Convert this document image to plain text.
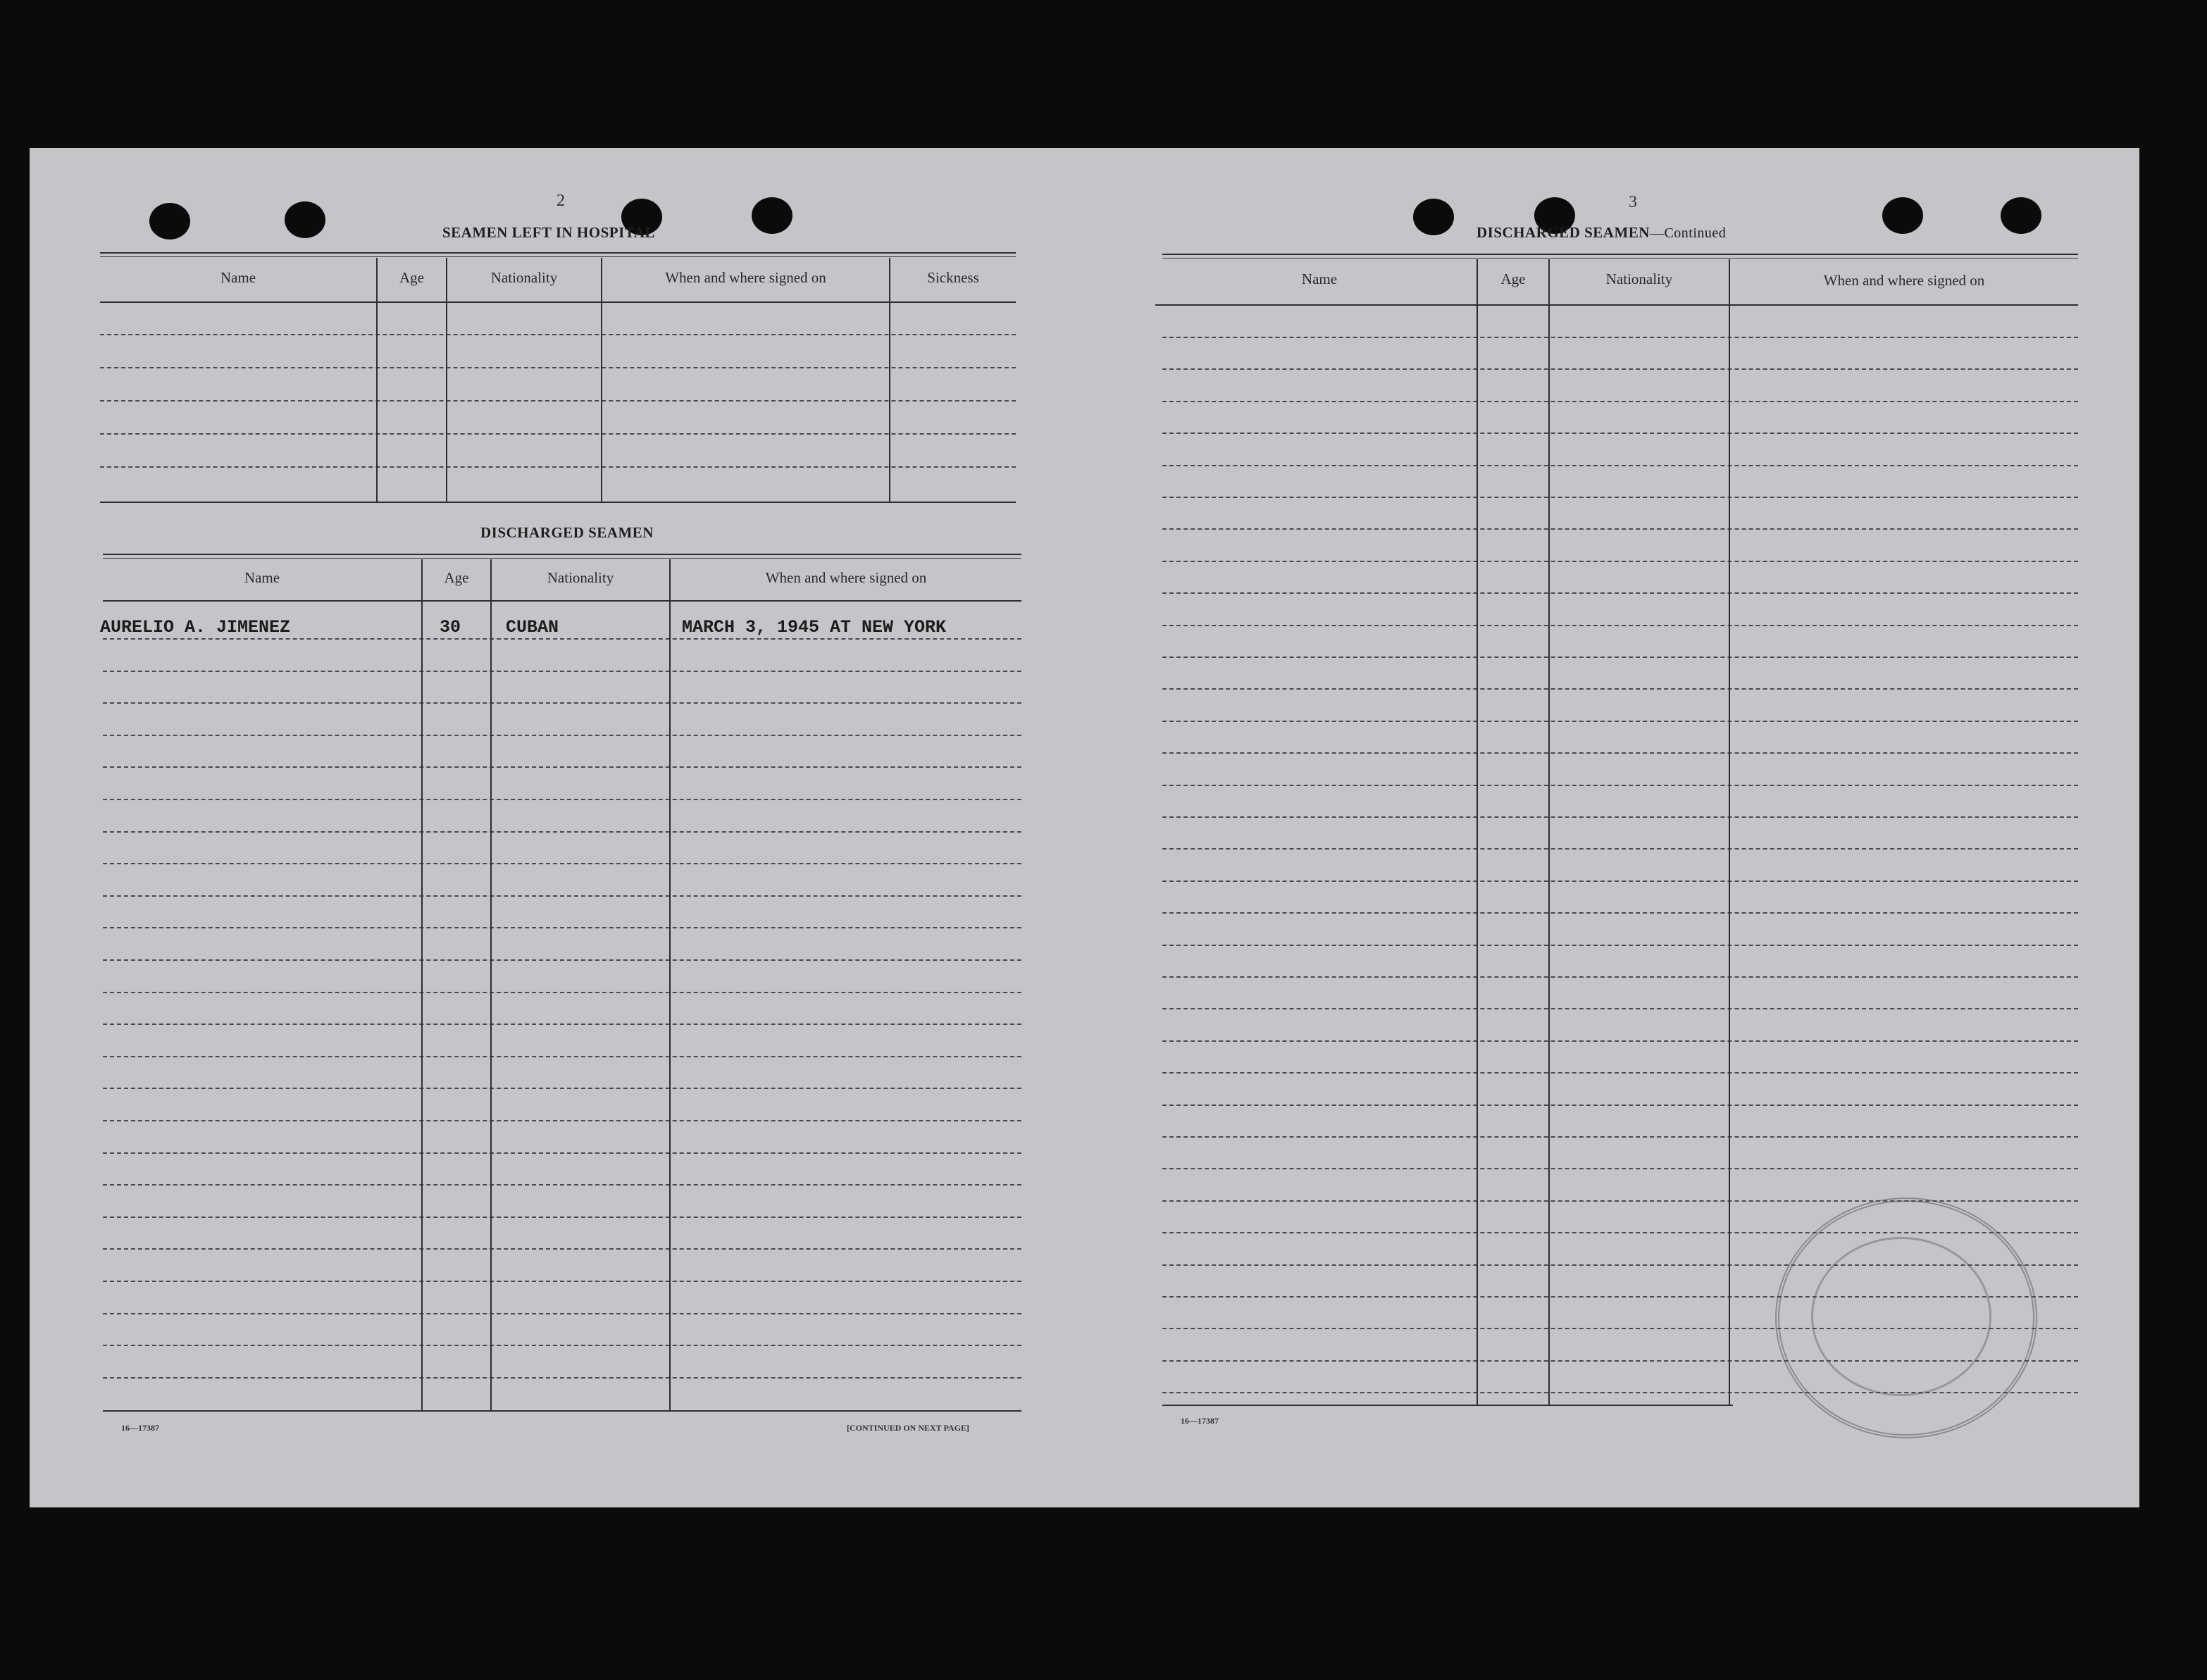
2
SEAMEN LEFT IN HOSPITAL
Name	Age	Nationality	When and where signed on	Sickness
DISCHARGED SEAMEN
Name	Age	Nationality	When and where signed on
AURELIO A. JIMENEZ	30	CUBAN	MARCH 3, 1945 AT NEW YORK
16—17387	[CONTINUED ON NEXT PAGE]
3
DISCHARGED SEAMEN—Continued
Name	Age	Nationality	When and where signed on
16—17387
